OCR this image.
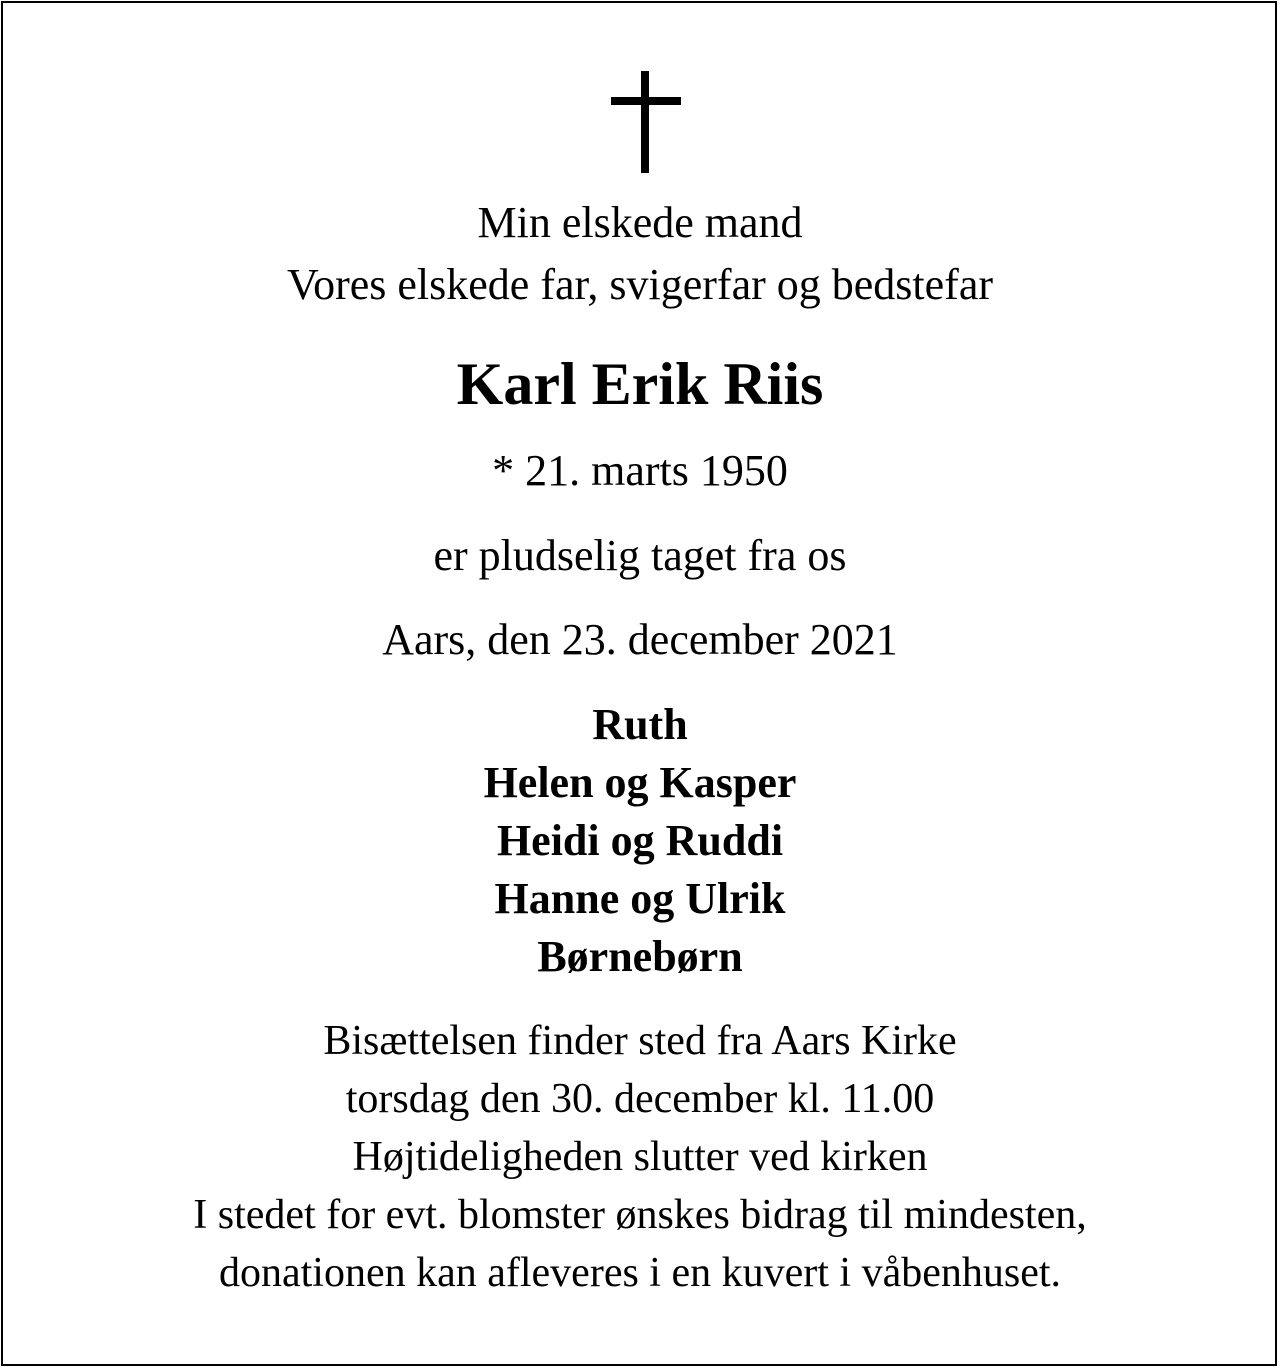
Min elskede mand
Vores elskede far, svigerfar og bedstefar
Karl Erik Riis
* 21. marts 1950
er pludselig taget fra os
Aars, den 23. december 2021
Ruth
Helen og Kasper
Heidi og Ruddi
Hanne og Ulrik
Børnebørn
Bisættelsen finder sted fra Aars Kirke
torsdag den 30. december kl. 11.00
Højtideligheden slutter ved kirken
I stedet for evt. blomster ønskes bidrag til mindesten,
donationen kan afleveres i en kuvert i våbenhuset.
